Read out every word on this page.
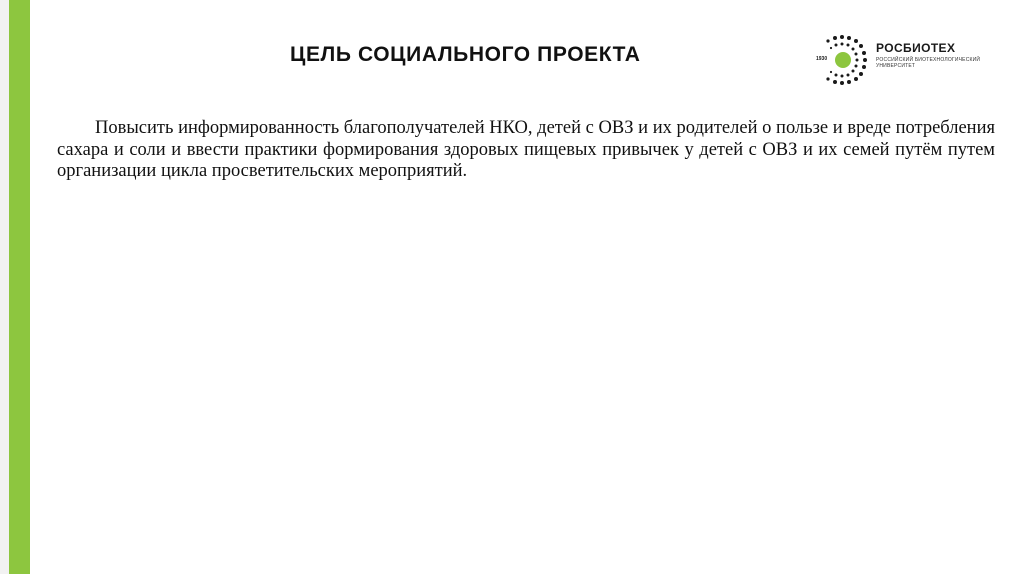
ЦЕЛЬ СОЦИАЛЬНОГО ПРОЕКТА	1930
РОСБИОТЕХ
РОССИЙСКИЙ БИОТЕХНОЛОГИЧЕСКИЙ УНИВЕРСИТЕТ
Повысить информированность благополучателей НКО, детей с ОВЗ и их родителей о пользе и вреде потребления сахара и соли и ввести практики формирования здоровых пищевых привычек у детей с ОВЗ и их семей путём путем организации цикла просветительских мероприятий.
